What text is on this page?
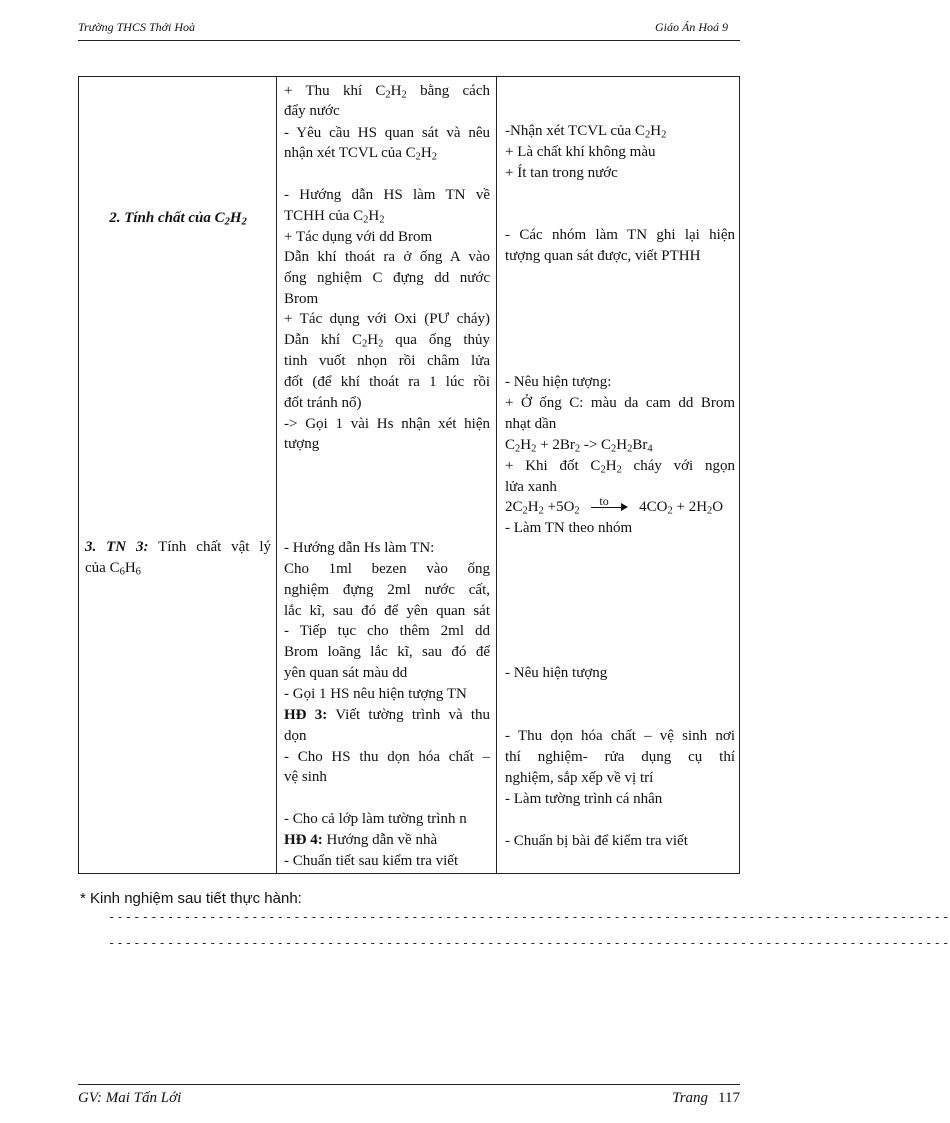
Trường THCS Thới Hoà	Giáo Án Hoá 9
2. Tính chất của $C_2H_2$
3. TN 3: Tính chất vật lý
của $C_6H_6$
+ Thu khí $C_2H_2$ bằng cách
đẩy nước
- Yêu cầu HS quan sát và nêu
nhận xét TCVL của $C_2H_2$
- Hướng dẫn HS làm TN về
TCHH của $C_2H_2$
+ Tác dụng với dd Brom
Dẫn khí thoát ra ở ống A vào
ống nghiệm C đựng dd nước
Brom
+ Tác dụng với Oxi (PƯ cháy)
Dẫn khí $C_2H_2$ qua ống thủy
tinh vuốt nhọn rồi châm lửa
đốt (để khí thoát ra 1 lúc rồi
đốt tránh nổ)
-> Gọi 1 vài Hs nhận xét hiện
tượng
- Hướng dẫn Hs làm TN:
Cho 1ml bezen vào ống
nghiệm đựng 2ml nước cất,
lắc kĩ, sau đó để yên quan sát
- Tiếp tục cho thêm 2ml dd
Brom loãng lắc kĩ, sau đó để
yên quan sát màu dd
- Gọi 1 HS nêu hiện tượng TN
HĐ 3: Viết tường trình và thu
dọn
- Cho HS thu dọn hóa chất –
vệ sinh
- Cho cả lớp làm tường trình n
HĐ 4: Hướng dẫn về nhà
- Chuẩn tiết sau kiểm tra viết
-Nhận xét TCVL của $C_2H_2$
+ Là chất khí không màu
+ Ít tan trong nước
- Các nhóm làm TN ghi lại hiện
tượng quan sát được, viết PTHH
- Nêu hiện tượng:
+ Ở ống C: màu da cam dd Brom
nhạt dần
$C_2H_2 + 2Br_2 -> C_2H_2Br_4$
+ Khi đốt $C_2H_2$ cháy với ngọn
lửa xanh
$2C_2H_2 +5O_2$
to $4CO_2 + 2H_2O$
- Làm TN theo nhóm
- Nêu hiện tượng
- Thu dọn hóa chất – vệ sinh nơi
thí nghiệm- rửa dụng cụ thí
nghiệm, sắp xếp về vị trí
- Làm tường trình cá nhân
- Chuẩn bị bài để kiểm tra viết
* Kinh nghiệm sau tiết thực hành:
----------------------------------------------------------------------------------------------------
----------------------------------------------------------------------------------------------------
GV: Mai Tấn Lới	Trang 117
